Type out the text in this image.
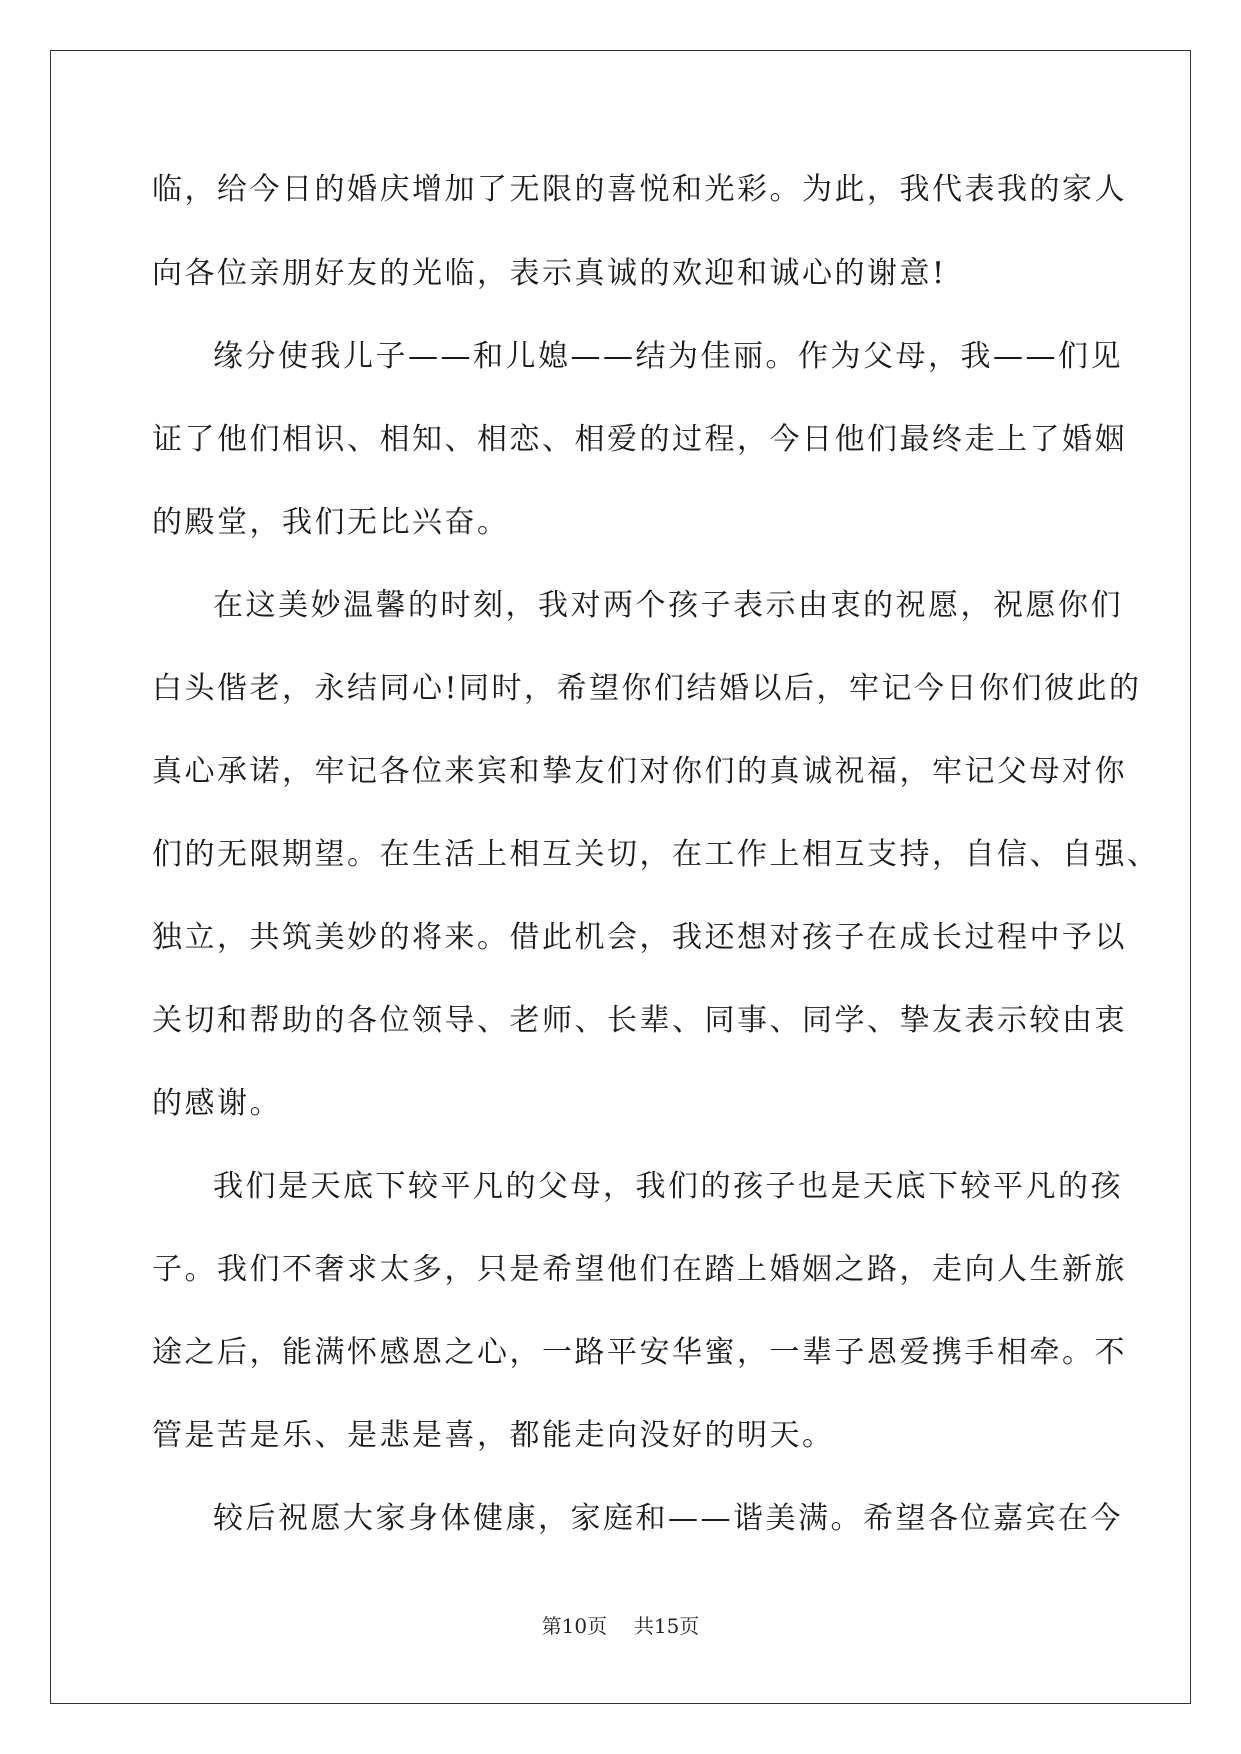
临，给今日的婚庆增加了无限的喜悦和光彩。为此，我代表我的家人
向各位亲朋好友的光临，表示真诚的欢迎和诚心的谢意!
缘分使我儿子——和儿媳——结为佳丽。作为父母，我——们见
证了他们相识、相知、相恋、相爱的过程，今日他们最终走上了婚姻
的殿堂，我们无比兴奋。
在这美妙温馨的时刻，我对两个孩子表示由衷的祝愿，祝愿你们
白头偕老，永结同心!同时，希望你们结婚以后，牢记今日你们彼此的
真心承诺，牢记各位来宾和挚友们对你们的真诚祝福，牢记父母对你
们的无限期望。在生活上相互关切，在工作上相互支持，自信、自强、
独立，共筑美妙的将来。借此机会，我还想对孩子在成长过程中予以
关切和帮助的各位领导、老师、长辈、同事、同学、挚友表示较由衷
的感谢。
我们是天底下较平凡的父母，我们的孩子也是天底下较平凡的孩
子。我们不奢求太多，只是希望他们在踏上婚姻之路，走向人生新旅
途之后，能满怀感恩之心，一路平安华蜜，一辈子恩爱携手相牵。不
管是苦是乐、是悲是喜，都能走向没好的明天。
较后祝愿大家身体健康，家庭和——谐美满。希望各位嘉宾在今
第10页 共15页
